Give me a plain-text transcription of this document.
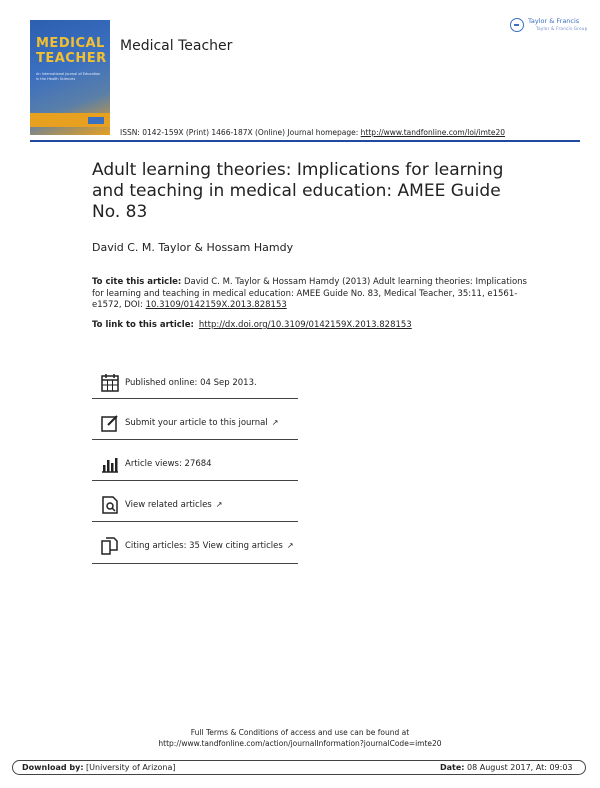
MEDICAL
TEACHER
An International Journal of Education in the Health Sciences
Medical Teacher
Taylor & Francis
Taylor & Francis Group
ISSN: 0142-159X (Print) 1466-187X (Online) Journal homepage: http://www.tandfonline.com/loi/imte20
Adult learning theories: Implications for learning and teaching in medical education: AMEE Guide No. 83
David C. M. Taylor & Hossam Hamdy
To cite this article: David C. M. Taylor & Hossam Hamdy (2013) Adult learning theories: Implications for learning and teaching in medical education: AMEE Guide No. 83, Medical Teacher, 35:11, e1561-e1572, DOI: 10.3109/0142159X.2013.828153
To link to this article: http://dx.doi.org/10.3109/0142159X.2013.828153
Published online: 04 Sep 2013.
Submit your article to this journal ↗
Article views: 27684
View related articles ↗
Citing articles: 35 View citing articles ↗
Full Terms & Conditions of access and use can be found at
http://www.tandfonline.com/action/journalInformation?journalCode=imte20
Download by: [University of Arizona]	Date: 08 August 2017, At: 09:03
